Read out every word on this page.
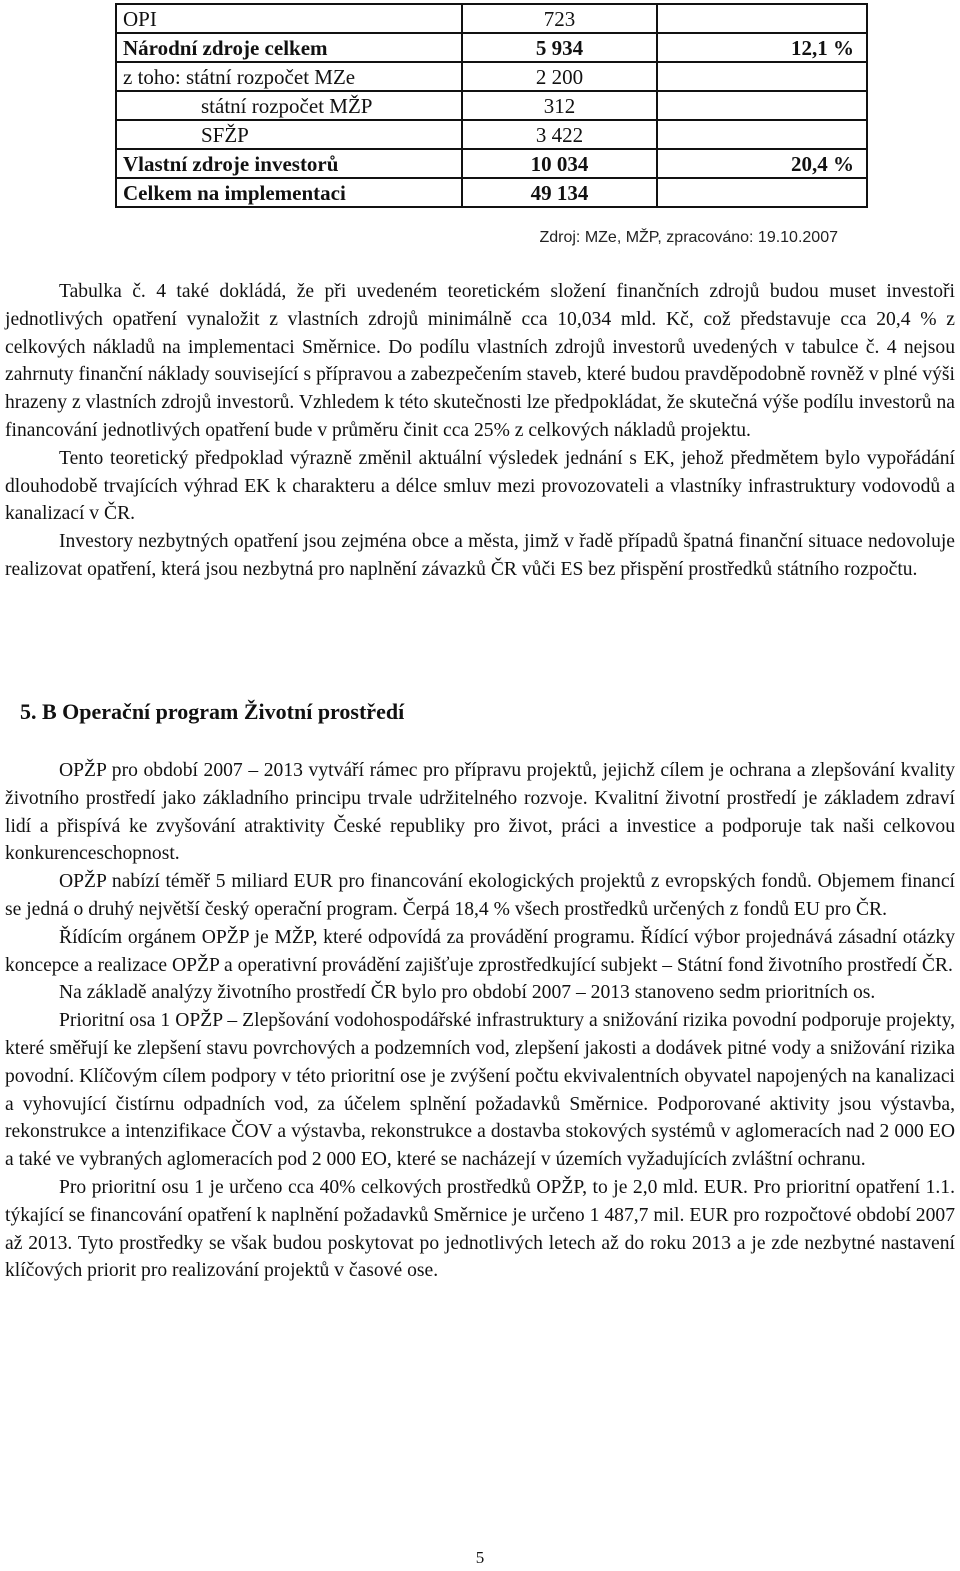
OPI	723	
Národní zdroje celkem	5 934	12,1 %
z toho: státní rozpočet MZe	2 200	
státní rozpočet MŽP	312	
SFŽP	3 422	
Vlastní zdroje investorů	10 034	20,4 %
Celkem na implementaci	49 134	
Zdroj: MZe, MŽP, zpracováno: 19.10.2007

Tabulka č. 4 také dokládá, že při uvedeném teoretickém složení finančních zdrojů budou muset investoři jednotlivých opatření vynaložit z vlastních zdrojů minimálně cca 10,034 mld. Kč, což představuje cca 20,4 % z celkových nákladů na implementaci Směrnice. Do podílu vlastních zdrojů investorů uvedených v tabulce č. 4 nejsou zahrnuty finanční náklady související s přípravou a zabezpečením staveb, které budou pravděpodobně rovněž v plné výši hrazeny z vlastních zdrojů investorů. Vzhledem k této skutečnosti lze předpokládat, že skutečná výše podílu investorů na financování jednotlivých opatření bude v průměru činit cca 25% z celkových nákladů projektu.

Tento teoretický předpoklad výrazně změnil aktuální výsledek jednání s EK, jehož předmětem bylo vypořádání dlouhodobě trvajících výhrad EK k charakteru a délce smluv mezi provozovateli a vlastníky infrastruktury vodovodů a kanalizací v ČR.

Investory nezbytných opatření jsou zejména obce a města, jimž v řadě případů špatná finanční situace nedovoluje realizovat opatření, která jsou nezbytná pro naplnění závazků ČR vůči ES bez přispění prostředků státního rozpočtu.

5. B Operační program Životní prostředí

OPŽP pro období 2007 – 2013 vytváří rámec pro přípravu projektů, jejichž cílem je ochrana a zlepšování kvality životního prostředí jako základního principu trvale udržitelného rozvoje. Kvalitní životní prostředí je základem zdraví lidí a přispívá ke zvyšování atraktivity České republiky pro život, práci a investice a podporuje tak naši celkovou konkurenceschopnost.

OPŽP nabízí téměř 5 miliard EUR pro financování ekologických projektů z evropských fondů. Objemem financí se jedná o druhý největší český operační program. Čerpá 18,4 % všech prostředků určených z fondů EU pro ČR.

Řídícím orgánem OPŽP je MŽP, které odpovídá za provádění programu. Řídící výbor projednává zásadní otázky koncepce a realizace OPŽP a operativní provádění zajišťuje zprostředkující subjekt – Státní fond životního prostředí ČR.

Na základě analýzy životního prostředí ČR bylo pro období 2007 – 2013 stanoveno sedm prioritních os.

Prioritní osa 1 OPŽP – Zlepšování vodohospodářské infrastruktury a snižování rizika povodní podporuje projekty, které směřují ke zlepšení stavu povrchových a podzemních vod, zlepšení jakosti a dodávek pitné vody a snižování rizika povodní. Klíčovým cílem podpory v této prioritní ose je zvýšení počtu ekvivalentních obyvatel napojených na kanalizaci a vyhovující čistírnu odpadních vod, za účelem splnění požadavků Směrnice. Podporované aktivity jsou výstavba, rekonstrukce a intenzifikace ČOV a výstavba, rekonstrukce a dostavba stokových systémů v aglomeracích nad 2 000 EO a také ve vybraných aglomeracích pod 2 000 EO, které se nacházejí v územích vyžadujících zvláštní ochranu.

Pro prioritní osu 1 je určeno cca 40% celkových prostředků OPŽP, to je 2,0 mld. EUR. Pro prioritní opatření 1.1. týkající se financování opatření k naplnění požadavků Směrnice je určeno 1 487,7 mil. EUR pro rozpočtové období 2007 až 2013. Tyto prostředky se však budou poskytovat po jednotlivých letech až do roku 2013 a je zde nezbytné nastavení klíčových priorit pro realizování projektů v časové ose.

5
